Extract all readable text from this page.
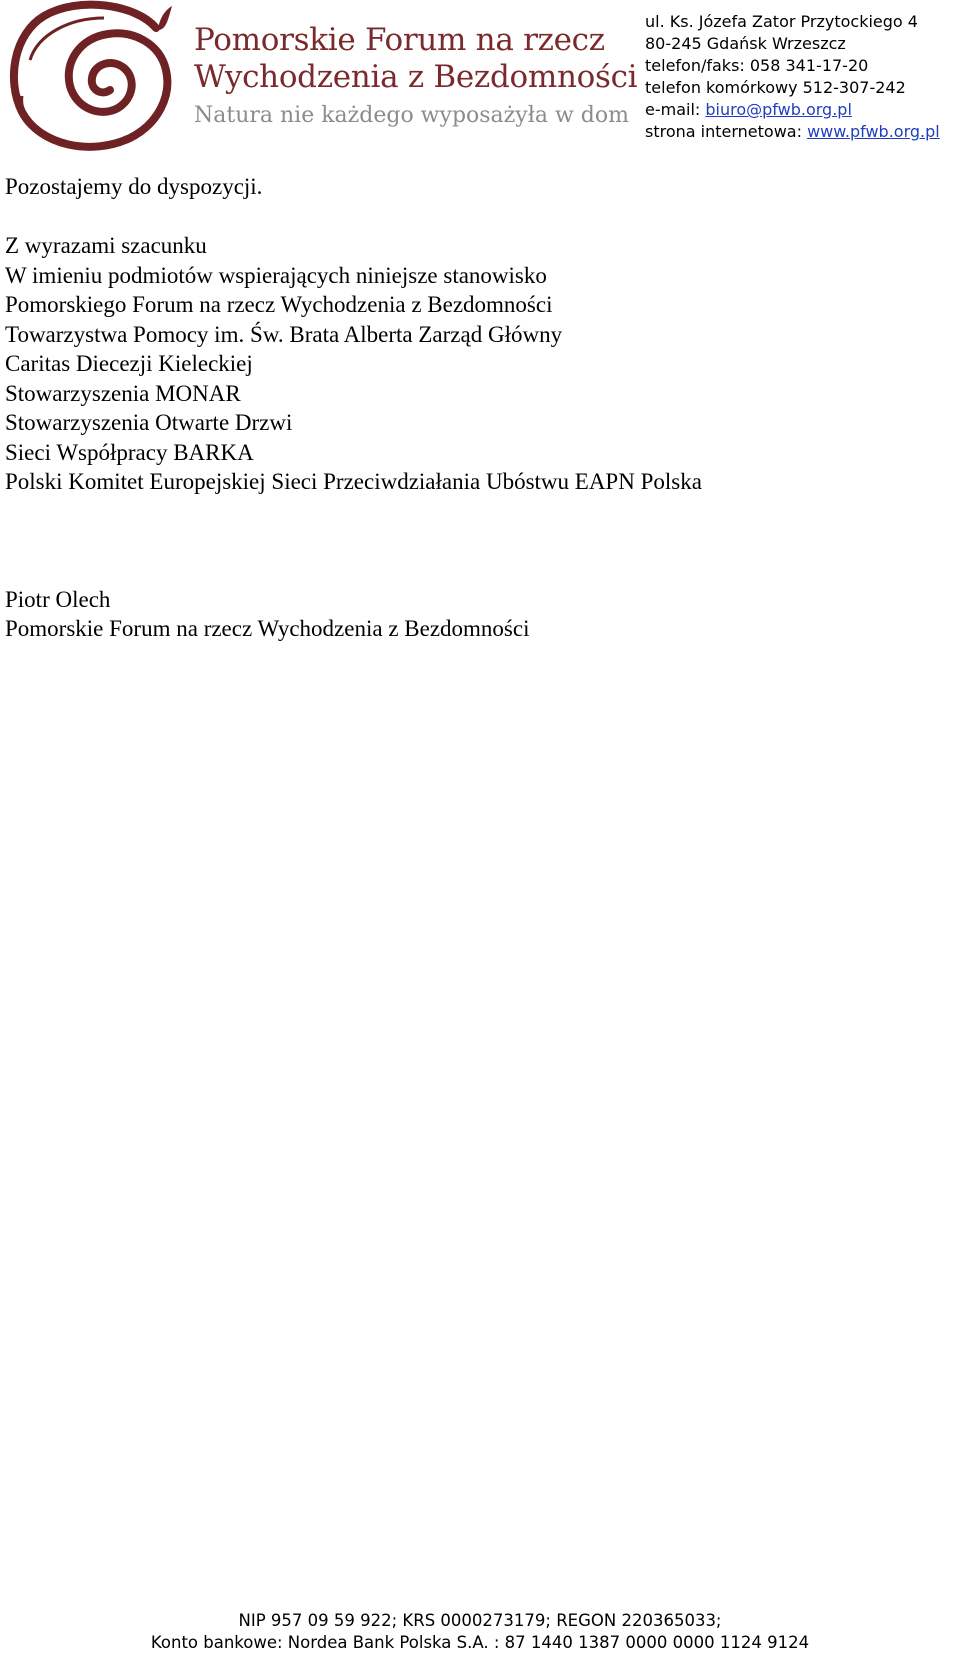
Pomorskie Forum na rzecz
Wychodzenia z Bezdomności
Natura nie każdego wyposażyła w dom
ul. Ks. Józefa Zator Przytockiego 4
80-245 Gdańsk Wrzeszcz
telefon/faks: 058 341-17-20
telefon komórkowy 512-307-242
e-mail: biuro@pfwb.org.pl
strona internetowa: www.pfwb.org.pl

Pozostajemy do dyspozycji.

Z wyrazami szacunku

W imieniu podmiotów wspierających niniejsze stanowisko

Pomorskiego Forum na rzecz Wychodzenia z Bezdomności

Towarzystwa Pomocy im. Św. Brata Alberta Zarząd Główny

Caritas Diecezji Kieleckiej

Stowarzyszenia MONAR

Stowarzyszenia Otwarte Drzwi

Sieci Współpracy BARKA

Polski Komitet Europejskiej Sieci Przeciwdziałania Ubóstwu EAPN Polska

Piotr Olech

Pomorskie Forum na rzecz Wychodzenia z Bezdomności

NIP 957 09 59 922; KRS 0000273179; REGON 220365033;
Konto bankowe: Nordea Bank Polska S.A. : 87 1440 1387 0000 0000 1124 9124
